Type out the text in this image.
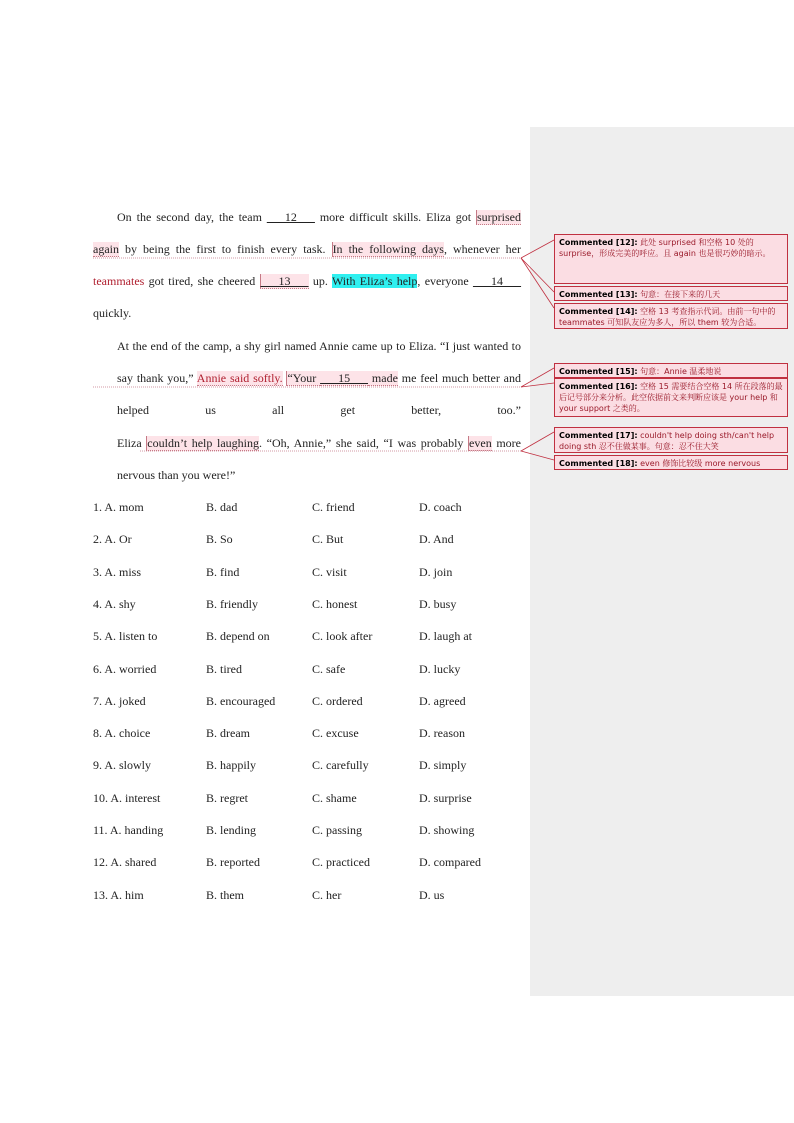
On the second day, the team ___12___ more difficult skills. Eliza got surprised
again by being the first to finish every task. In the following days, whenever her
teammates got tired, she cheered ___13___ up. With Eliza’s help, everyone ___14___
quickly.
At the end of the camp, a shy girl named Annie came up to Eliza. “I just wanted to say thank you,” Annie said softly. “Your ___15___ made me feel much better and helped us all get better, too.”
Eliza couldn’t help laughing. “Oh, Annie,” she said, “I was probably even more nervous than you were!”
1. A. mom	B. dad	C. friend	D. coach
2. A. Or	B. So	C. But	D. And
3. A. miss	B. find	C. visit	D. join
4. A. shy	B. friendly	C. honest	D. busy
5. A. listen to	B. depend on	C. look after	D. laugh at
6. A. worried	B. tired	C. safe	D. lucky
7. A. joked	B. encouraged	C. ordered	D. agreed
8. A. choice	B. dream	C. excuse	D. reason
9. A. slowly	B. happily	C. carefully	D. simply
10. A. interest	B. regret	C. shame	D. surprise
11. A. handing	B. lending	C. passing	D. showing
12. A. shared	B. reported	C. practiced	D. compared
13. A. him	B. them	C. her	D. us
Commented [12]: 此处 surprised 和空格 10 处的 surprise，形成完美的呼应。且 again 也是很巧妙的暗示。
Commented [13]: 句意：在接下来的几天
Commented [14]: 空格 13 考查指示代词。由前一句中的 teammates 可知队友应为多人，所以 them 较为合适。
Commented [15]: 句意：Annie 温柔地说
Commented [16]: 空格 15 需要结合空格 14 所在段落的最后记号部分来分析。此空依据前文来判断应该是 your help 和 your support 之类的。
Commented [17]: couldn't help doing sth/can't help doing sth 忍不住做某事。句意：忍不住大笑
Commented [18]: even 修饰比较级 more nervous
